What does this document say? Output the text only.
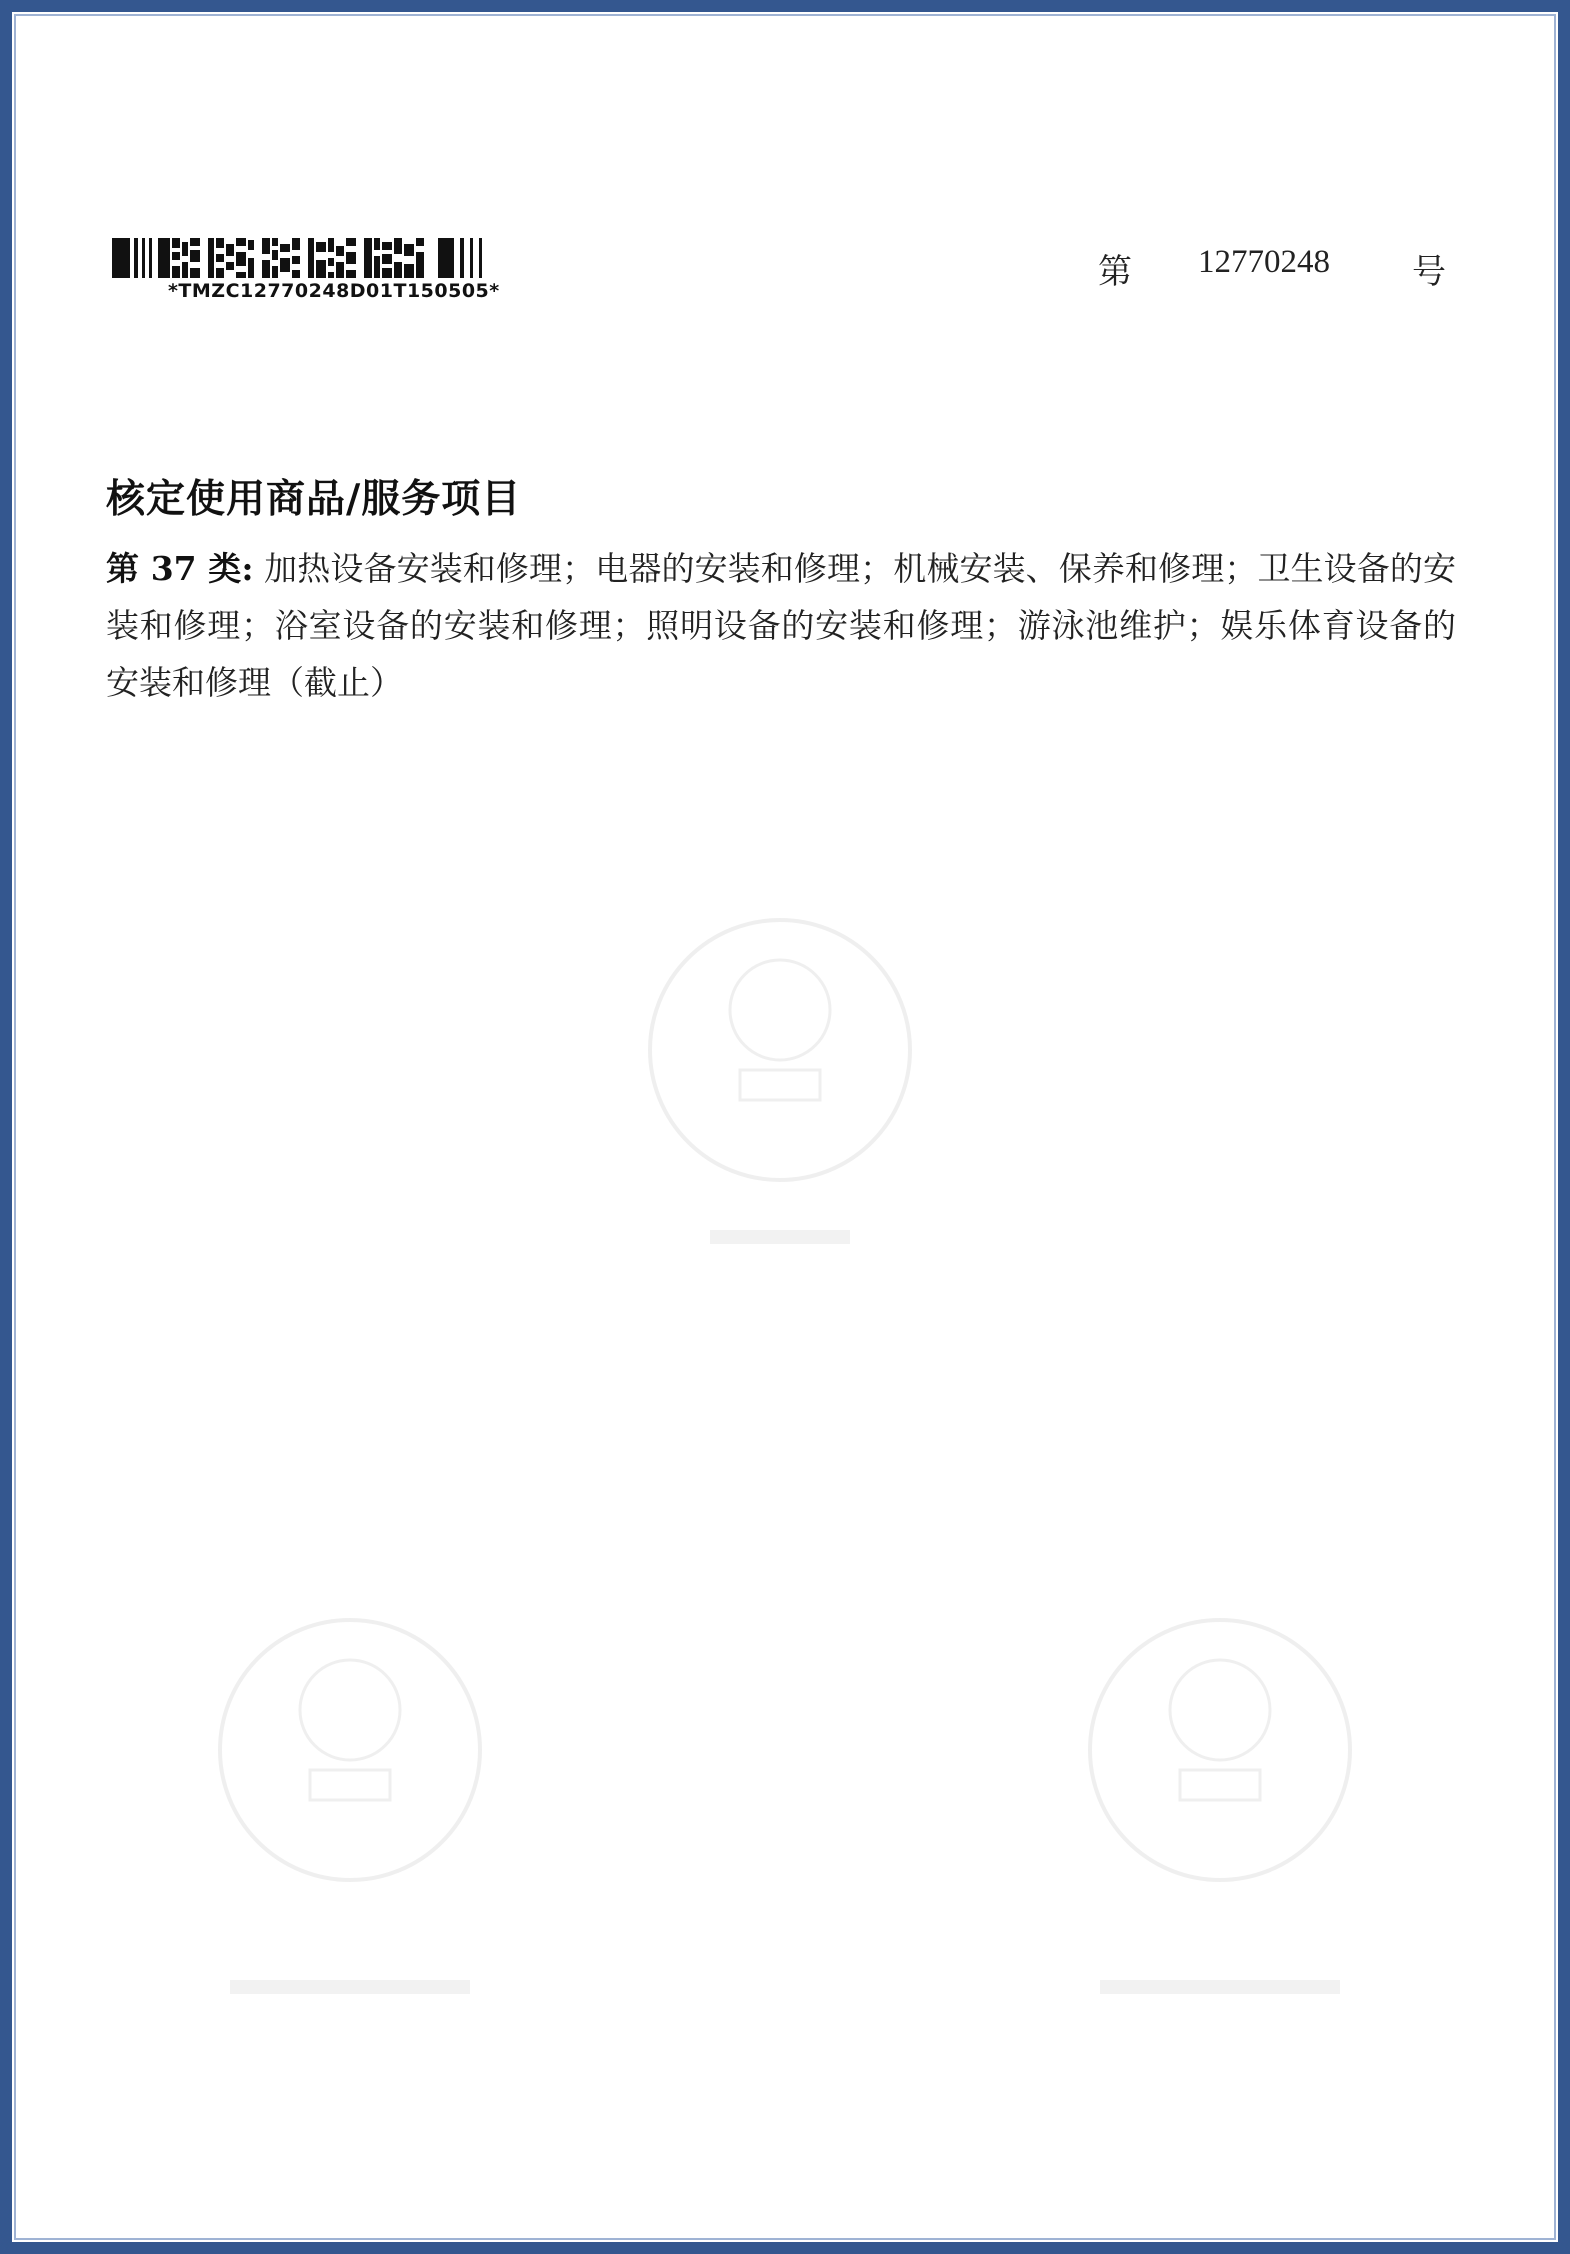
*TMZC12770248D01T150505*	第 12770248 号
核定使用商品/服务项目
第 37 类: 加热设备安装和修理；电器的安装和修理；机械安装、保养和修理；卫生设备的安装和修理；浴室设备的安装和修理；照明设备的安装和修理；游泳池维护；娱乐体育设备的安装和修理（截止）
